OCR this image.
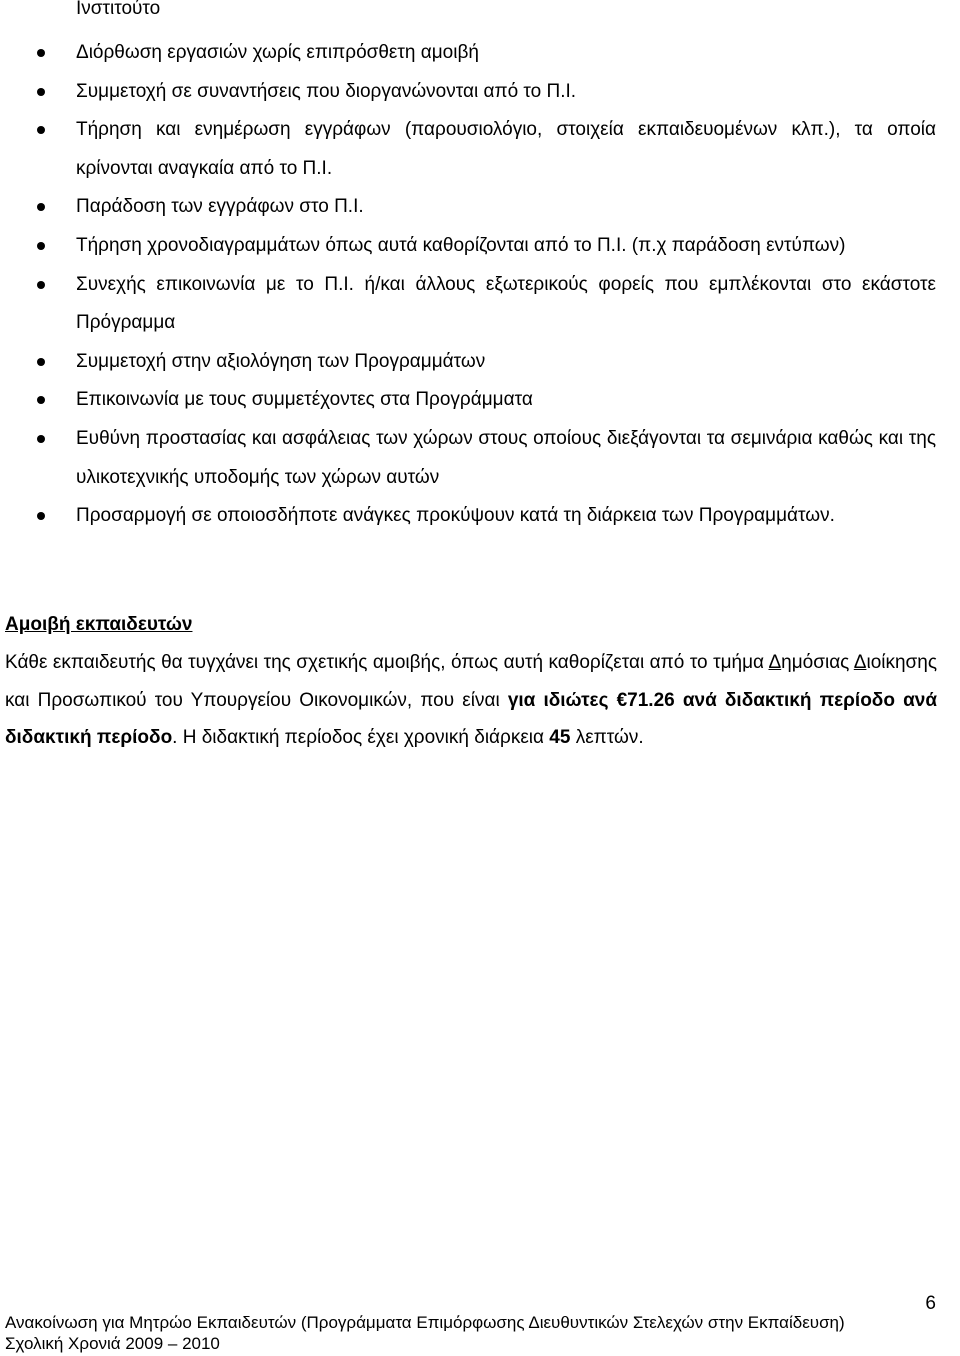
Ινστιτούτο
Διόρθωση εργασιών χωρίς επιπρόσθετη αμοιβή
Συμμετοχή σε συναντήσεις που διοργανώνονται από το Π.Ι.
Τήρηση και ενημέρωση εγγράφων (παρουσιολόγιο, στοιχεία εκπαιδευομένων κλπ.), τα οποία κρίνονται αναγκαία από το Π.Ι.
Παράδοση των εγγράφων στο Π.Ι.
Τήρηση χρονοδιαγραμμάτων όπως αυτά καθορίζονται από το Π.Ι. (π.χ παράδοση εντύπων)
Συνεχής επικοινωνία με το Π.Ι. ή/και άλλους εξωτερικούς φορείς που εμπλέκονται στο εκάστοτε Πρόγραμμα
Συμμετοχή στην αξιολόγηση των Προγραμμάτων
Επικοινωνία με τους συμμετέχοντες στα Προγράμματα
Ευθύνη προστασίας και ασφάλειας των χώρων στους οποίους διεξάγονται τα σεμινάρια καθώς και της υλικοτεχνικής υποδομής των χώρων αυτών
Προσαρμογή σε οποιοσδήποτε ανάγκες προκύψουν κατά τη διάρκεια των Προγραμμάτων.

Αμοιβή εκπαιδευτών

Κάθε εκπαιδευτής θα τυγχάνει της σχετικής αμοιβής, όπως αυτή καθορίζεται από το τμήμα Δημόσιας Διοίκησης και Προσωπικού του Υπουργείου Οικονομικών, που είναι για ιδιώτες €71.26 ανά διδακτική περίοδο ανά διδακτική περίοδο. Η διδακτική περίοδος έχει χρονική διάρκεια 45 λεπτών.

6
Ανακοίνωση για Μητρώο Εκπαιδευτών (Προγράμματα Επιμόρφωσης Διευθυντικών Στελεχών στην Εκπαίδευση)
Σχολική Χρονιά 2009 – 2010
